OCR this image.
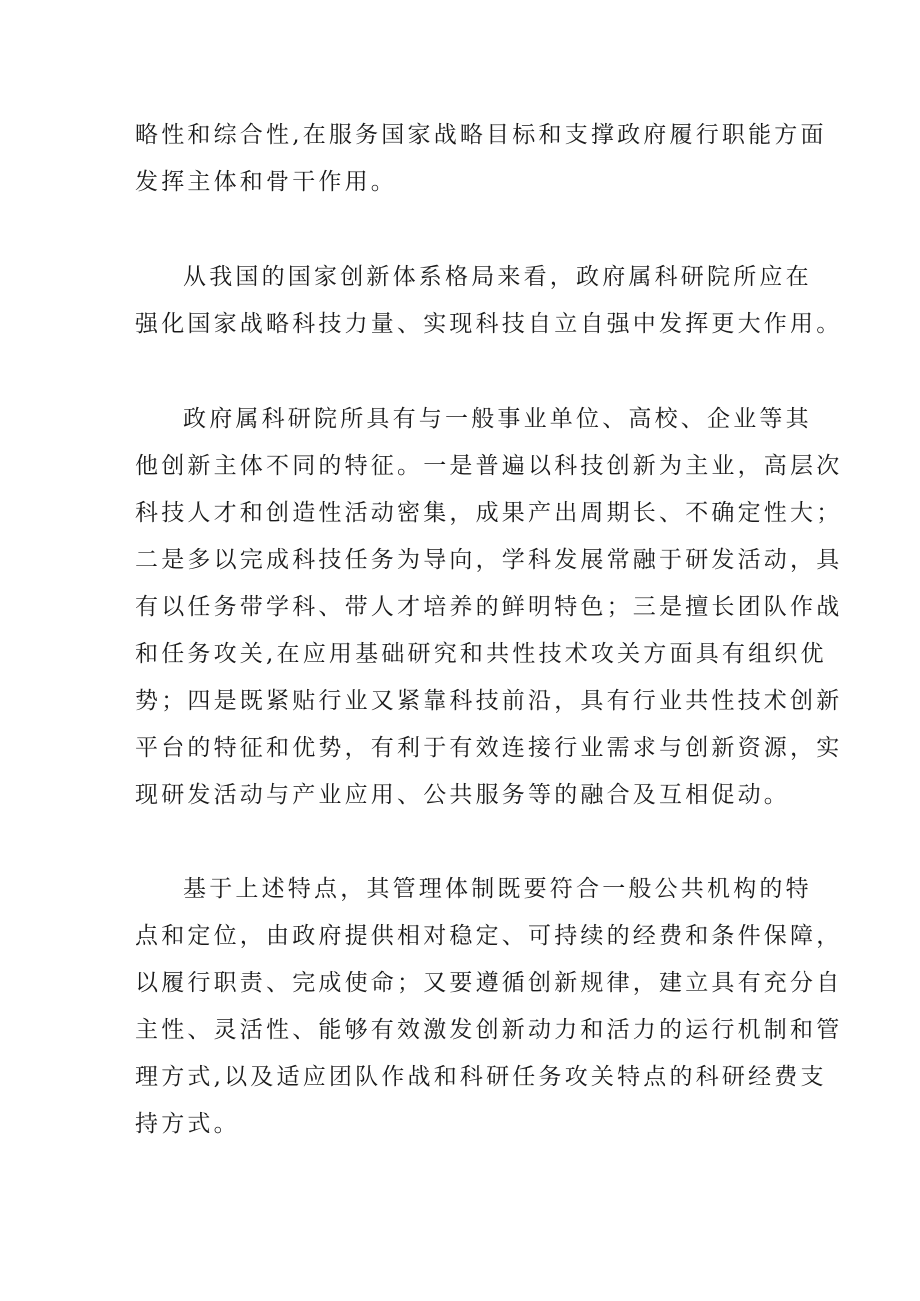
略性和综合性,在服务国家战略目标和支撑政府履行职能方面
发挥主体和骨干作用。
从我国的国家创新体系格局来看，政府属科研院所应在
强化国家战略科技力量、实现科技自立自强中发挥更大作用。
政府属科研院所具有与一般事业单位、高校、企业等其
他创新主体不同的特征。一是普遍以科技创新为主业，高层次
科技人才和创造性活动密集，成果产出周期长、不确定性大；
二是多以完成科技任务为导向，学科发展常融于研发活动，具
有以任务带学科、带人才培养的鲜明特色；三是擅长团队作战
和任务攻关,在应用基础研究和共性技术攻关方面具有组织优
势；四是既紧贴行业又紧靠科技前沿，具有行业共性技术创新
平台的特征和优势，有利于有效连接行业需求与创新资源，实
现研发活动与产业应用、公共服务等的融合及互相促动。
基于上述特点，其管理体制既要符合一般公共机构的特
点和定位，由政府提供相对稳定、可持续的经费和条件保障，
以履行职责、完成使命；又要遵循创新规律，建立具有充分自
主性、灵活性、能够有效激发创新动力和活力的运行机制和管
理方式,以及适应团队作战和科研任务攻关特点的科研经费支
持方式。
